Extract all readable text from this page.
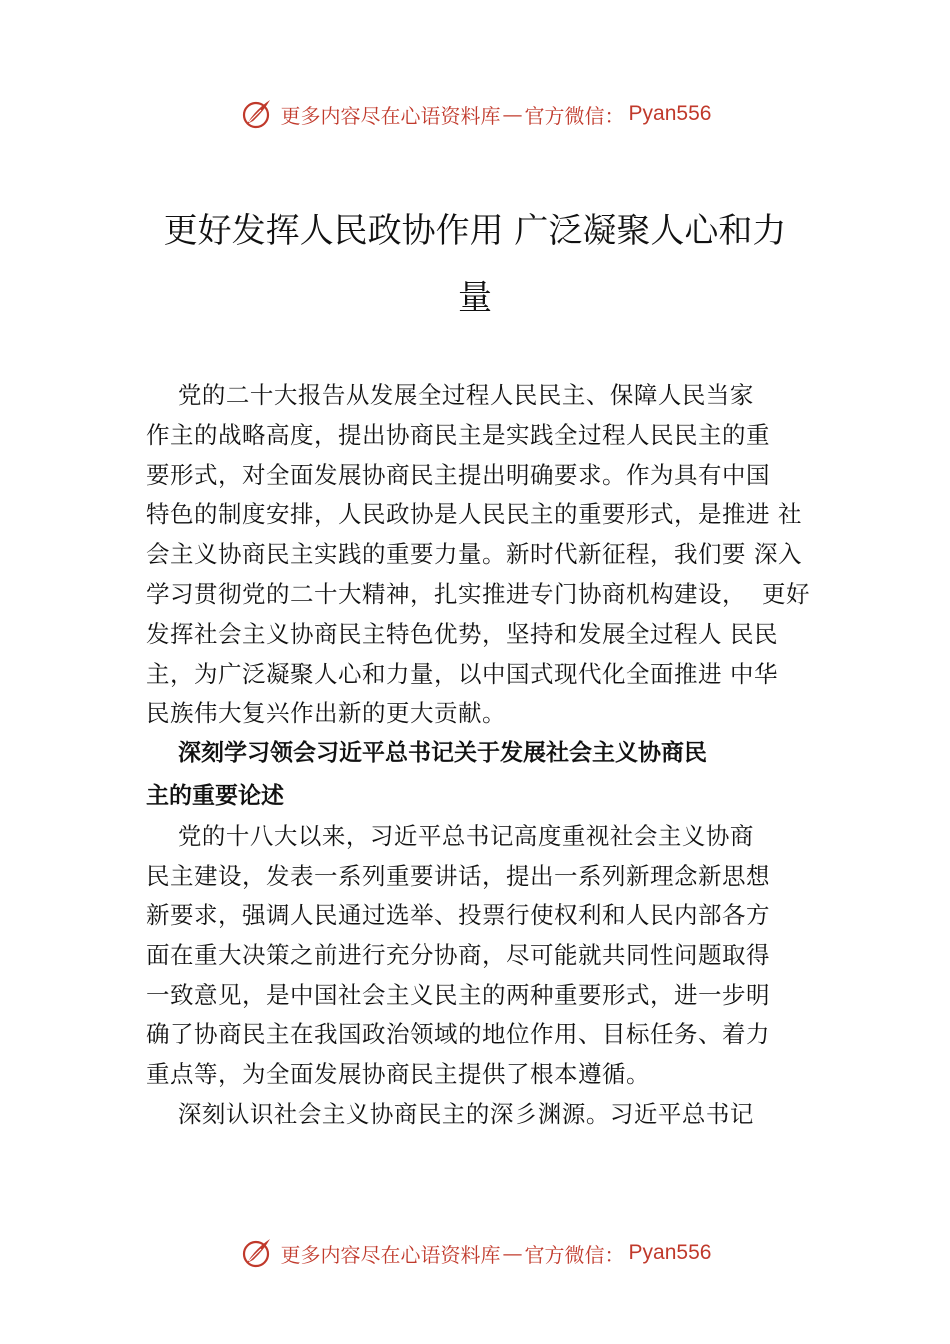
更多内容尽在心语资料库 — 官方微信： Pyan556
更好发挥人民政协作用 广泛凝聚人心和力
量
党的二十大报告从发展全过程人民民主、保障人民当家
作主的战略高度，提出协商民主是实践全过程人民民主的重
要形式，对全面发展协商民主提出明确要求。作为具有中国
特色的制度安排，人民政协是人民民主的重要形式，是推进 社
会主义协商民主实践的重要力量。新时代新征程，我们要 深入
学习贯彻党的二十大精神，扎实推进专门协商机构建设，  更好
发挥社会主义协商民主特色优势，坚持和发展全过程人 民民
主，为广泛凝聚人心和力量，以中国式现代化全面推进 中华
民族伟大复兴作出新的更大贡献。
深刻学习领会习近平总书记关于发展社会主义协商民
主的重要论述
党的十八大以来，习近平总书记高度重视社会主义协商
民主建设，发表一系列重要讲话，提出一系列新理念新思想
新要求，强调人民通过选举、投票行使权利和人民内部各方
面在重大决策之前进行充分协商，尽可能就共同性问题取得
一致意见，是中国社会主义民主的两种重要形式，进一步明
确了协商民主在我国政治领域的地位作用、目标任务、着力
重点等，为全面发展协商民主提供了根本遵循。
深刻认识社会主义协商民主的深⼺渊源。习近平总书记
更多内容尽在心语资料库 — 官方微信： Pyan556
